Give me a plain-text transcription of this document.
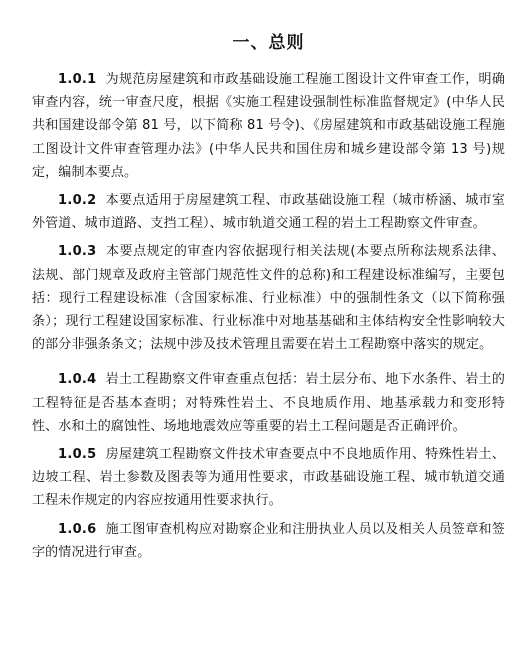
一、总则

1.0.1 为规范房屋建筑和市政基础设施工程施工图设计文件审查工作，明确审查内容，统一审查尺度，根据《实施工程建设强制性标准监督规定》(中华人民共和国建设部令第 81 号，以下简称 81 号令)、《房屋建筑和市政基础设施工程施工图设计文件审查管理办法》(中华人民共和国住房和城乡建设部令第 13 号)规定，编制本要点。

1.0.2 本要点适用于房屋建筑工程、市政基础设施工程（城市桥涵、城市室外管道、城市道路、支挡工程）、城市轨道交通工程的岩土工程勘察文件审查。

1.0.3 本要点规定的审查内容依据现行相关法规(本要点所称法规系法律、法规、部门规章及政府主管部门规范性文件的总称)和工程建设标准编写，主要包括：现行工程建设标准（含国家标准、行业标准）中的强制性条文（以下简称强条）；现行工程建设国家标准、行业标准中对地基基础和主体结构安全性影响较大的部分非强条条文；法规中涉及技术管理且需要在岩土工程勘察中落实的规定。

1.0.4 岩土工程勘察文件审查重点包括：岩土层分布、地下水条件、岩土的工程特征是否基本查明；对特殊性岩土、不良地质作用、地基承载力和变形特性、水和土的腐蚀性、场地地震效应等重要的岩土工程问题是否正确评价。

1.0.5 房屋建筑工程勘察文件技术审查要点中不良地质作用、特殊性岩土、边坡工程、岩土参数及图表等为通用性要求，市政基础设施工程、城市轨道交通工程未作规定的内容应按通用性要求执行。

1.0.6 施工图审查机构应对勘察企业和注册执业人员以及相关人员签章和签字的情况进行审查。
